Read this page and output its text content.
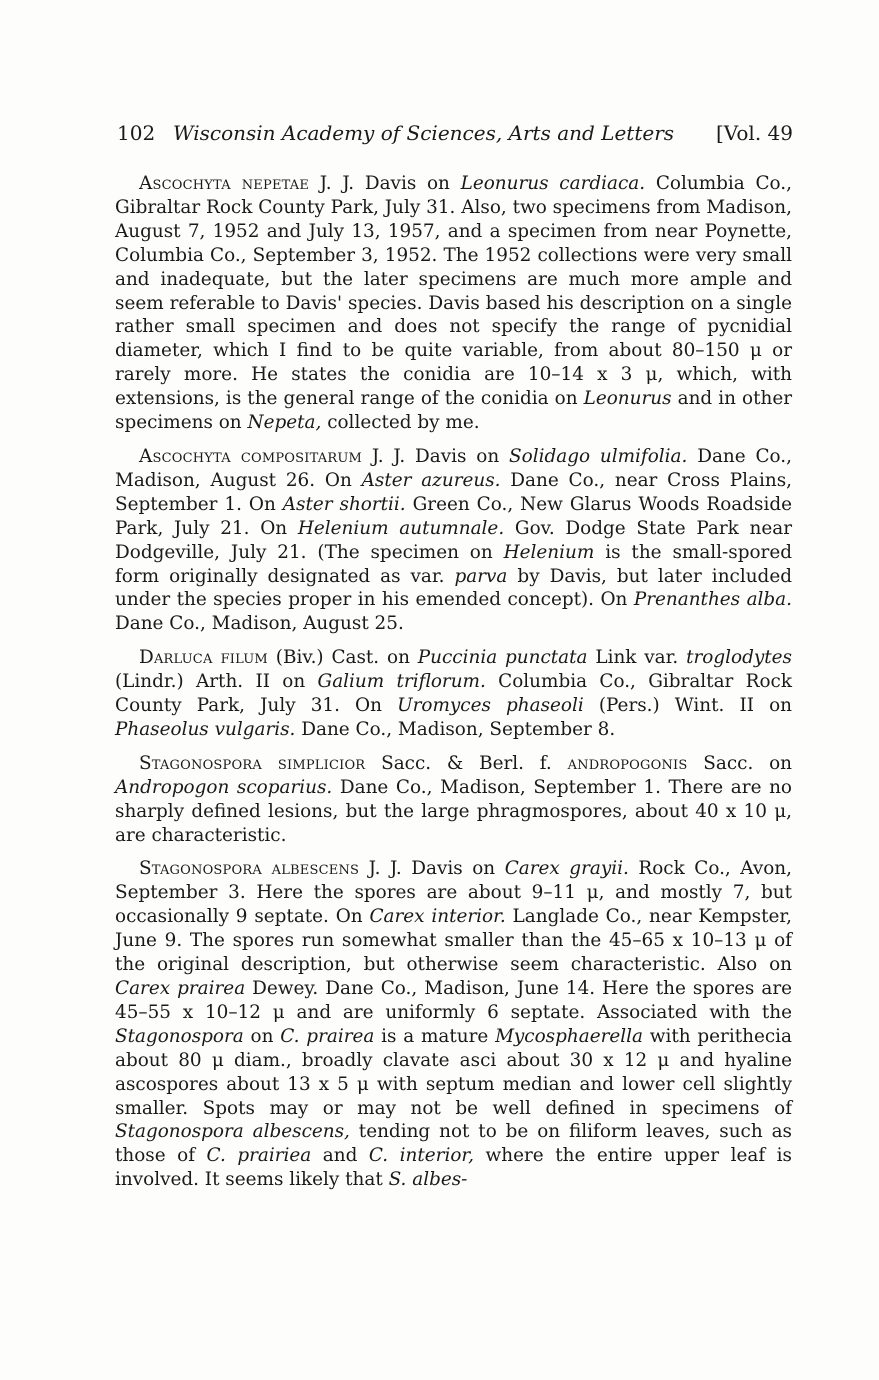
102 Wisconsin Academy of Sciences, Arts and Letters [Vol. 49

Ascochyta nepetae J. J. Davis on Leonurus cardiaca. Columbia Co., Gibraltar Rock County Park, July 31. Also, two specimens from Madison, August 7, 1952 and July 13, 1957, and a specimen from near Poynette, Columbia Co., September 3, 1952. The 1952 collections were very small and inadequate, but the later specimens are much more ample and seem referable to Davis' species. Davis based his description on a single rather small specimen and does not specify the range of pycnidial diameter, which I find to be quite variable, from about 80–150 μ or rarely more. He states the conidia are 10–14 x 3 μ, which, with extensions, is the general range of the conidia on Leonurus and in other specimens on Nepeta, collected by me.

Ascochyta compositarum J. J. Davis on Solidago ulmifolia. Dane Co., Madison, August 26. On Aster azureus. Dane Co., near Cross Plains, September 1. On Aster shortii. Green Co., New Glarus Woods Roadside Park, July 21. On Helenium autumnale. Gov. Dodge State Park near Dodgeville, July 21. (The specimen on Helenium is the small-spored form originally designated as var. parva by Davis, but later included under the species proper in his emended concept). On Prenanthes alba. Dane Co., Madison, August 25.

Darluca filum (Biv.) Cast. on Puccinia punctata Link var. troglodytes (Lindr.) Arth. II on Galium triflorum. Columbia Co., Gibraltar Rock County Park, July 31. On Uromyces phaseoli (Pers.) Wint. II on Phaseolus vulgaris. Dane Co., Madison, September 8.

Stagonospora simplicior Sacc. & Berl. f. andropogonis Sacc. on Andropogon scoparius. Dane Co., Madison, September 1. There are no sharply defined lesions, but the large phragmospores, about 40 x 10 μ, are characteristic.

Stagonospora albescens J. J. Davis on Carex grayii. Rock Co., Avon, September 3. Here the spores are about 9–11 μ, and mostly 7, but occasionally 9 septate. On Carex interior. Langlade Co., near Kempster, June 9. The spores run somewhat smaller than the 45–65 x 10–13 μ of the original description, but otherwise seem characteristic. Also on Carex prairea Dewey. Dane Co., Madison, June 14. Here the spores are 45–55 x 10–12 μ and are uniformly 6 septate. Associated with the Stagonospora on C. prairea is a mature Mycosphaerella with perithecia about 80 μ diam., broadly clavate asci about 30 x 12 μ and hyaline ascospores about 13 x 5 μ with septum median and lower cell slightly smaller. Spots may or may not be well defined in specimens of Stagonospora albescens, tending not to be on filiform leaves, such as those of C. prairiea and C. interior, where the entire upper leaf is involved. It seems likely that S. albes-
